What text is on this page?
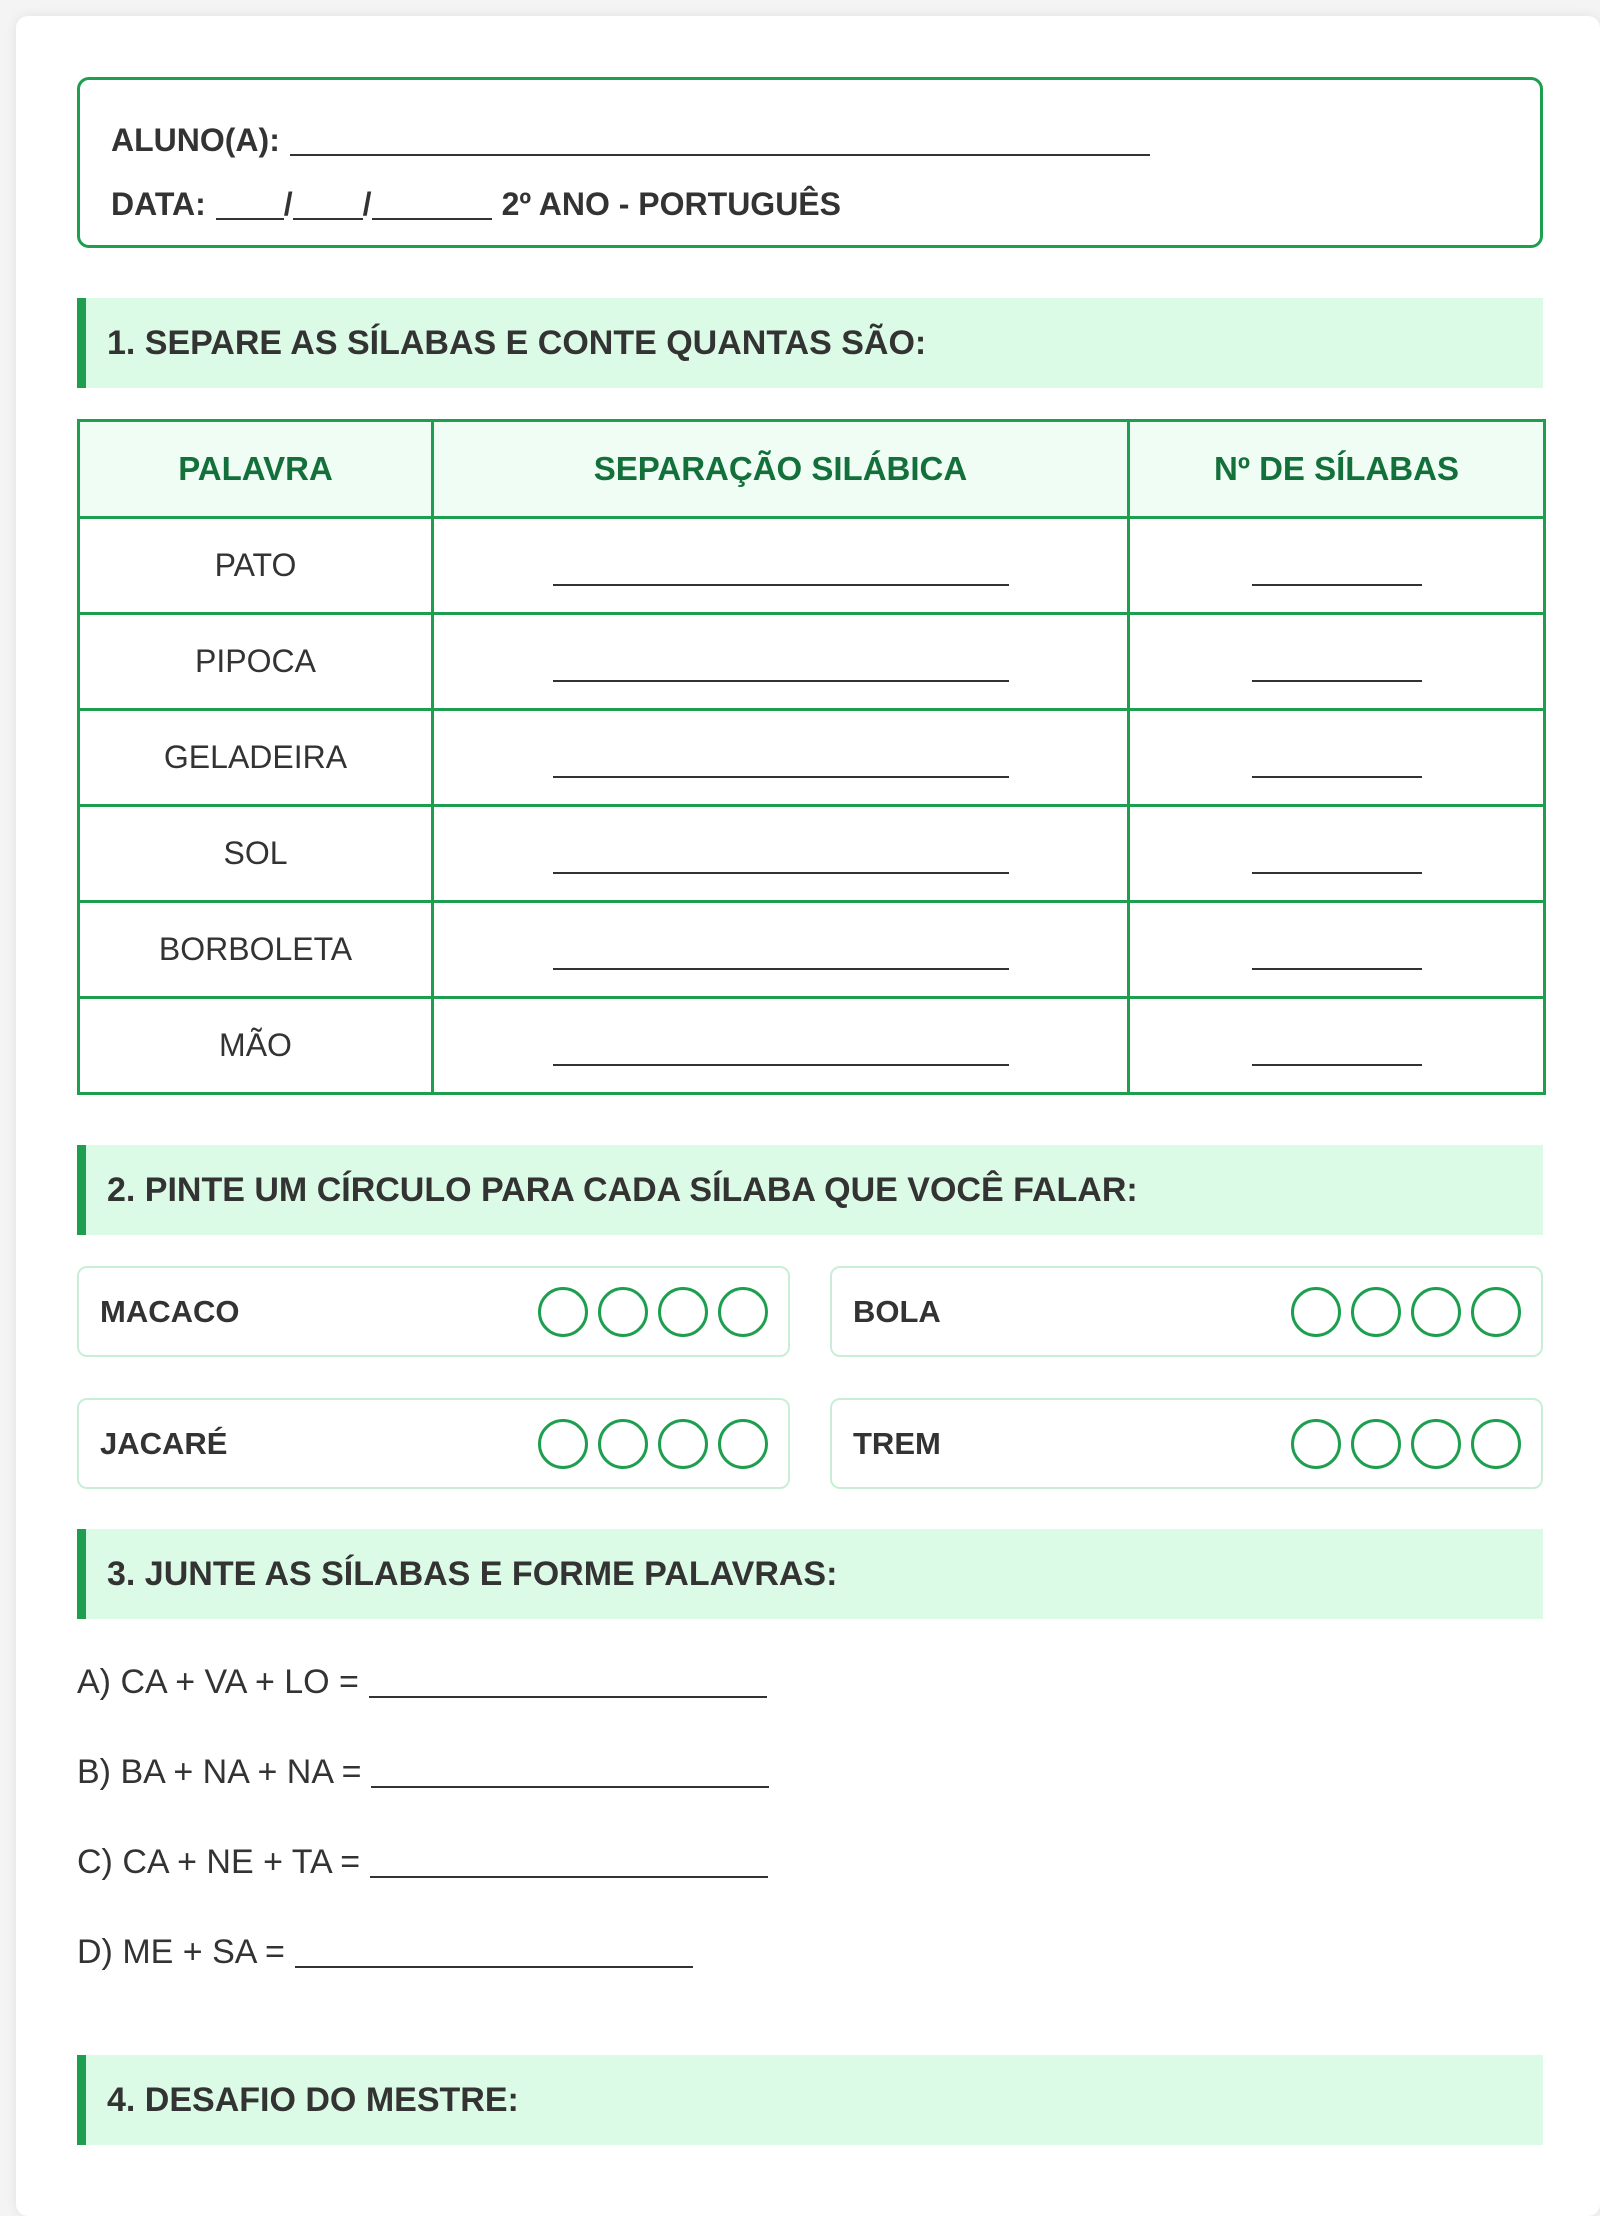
ALUNO(A):
DATA: / /	2º ANO - PORTUGUÊS
1. SEPARE AS SÍLABAS E CONTE QUANTAS SÃO:
PALAVRA	SEPARAÇÃO SILÁBICA	Nº DE SÍLABAS
PATO		
PIPOCA		
GELADEIRA		
SOL		
BORBOLETA		
MÃO		
2. PINTE UM CÍRCULO PARA CADA SÍLABA QUE VOCÊ FALAR:
MACACO	BOLA
JACARÉ	TREM
3. JUNTE AS SÍLABAS E FORME PALAVRAS:
A) CA + VA + LO =
B) BA + NA + NA =
C) CA + NE + TA =
D) ME + SA =
4. DESAFIO DO MESTRE:
